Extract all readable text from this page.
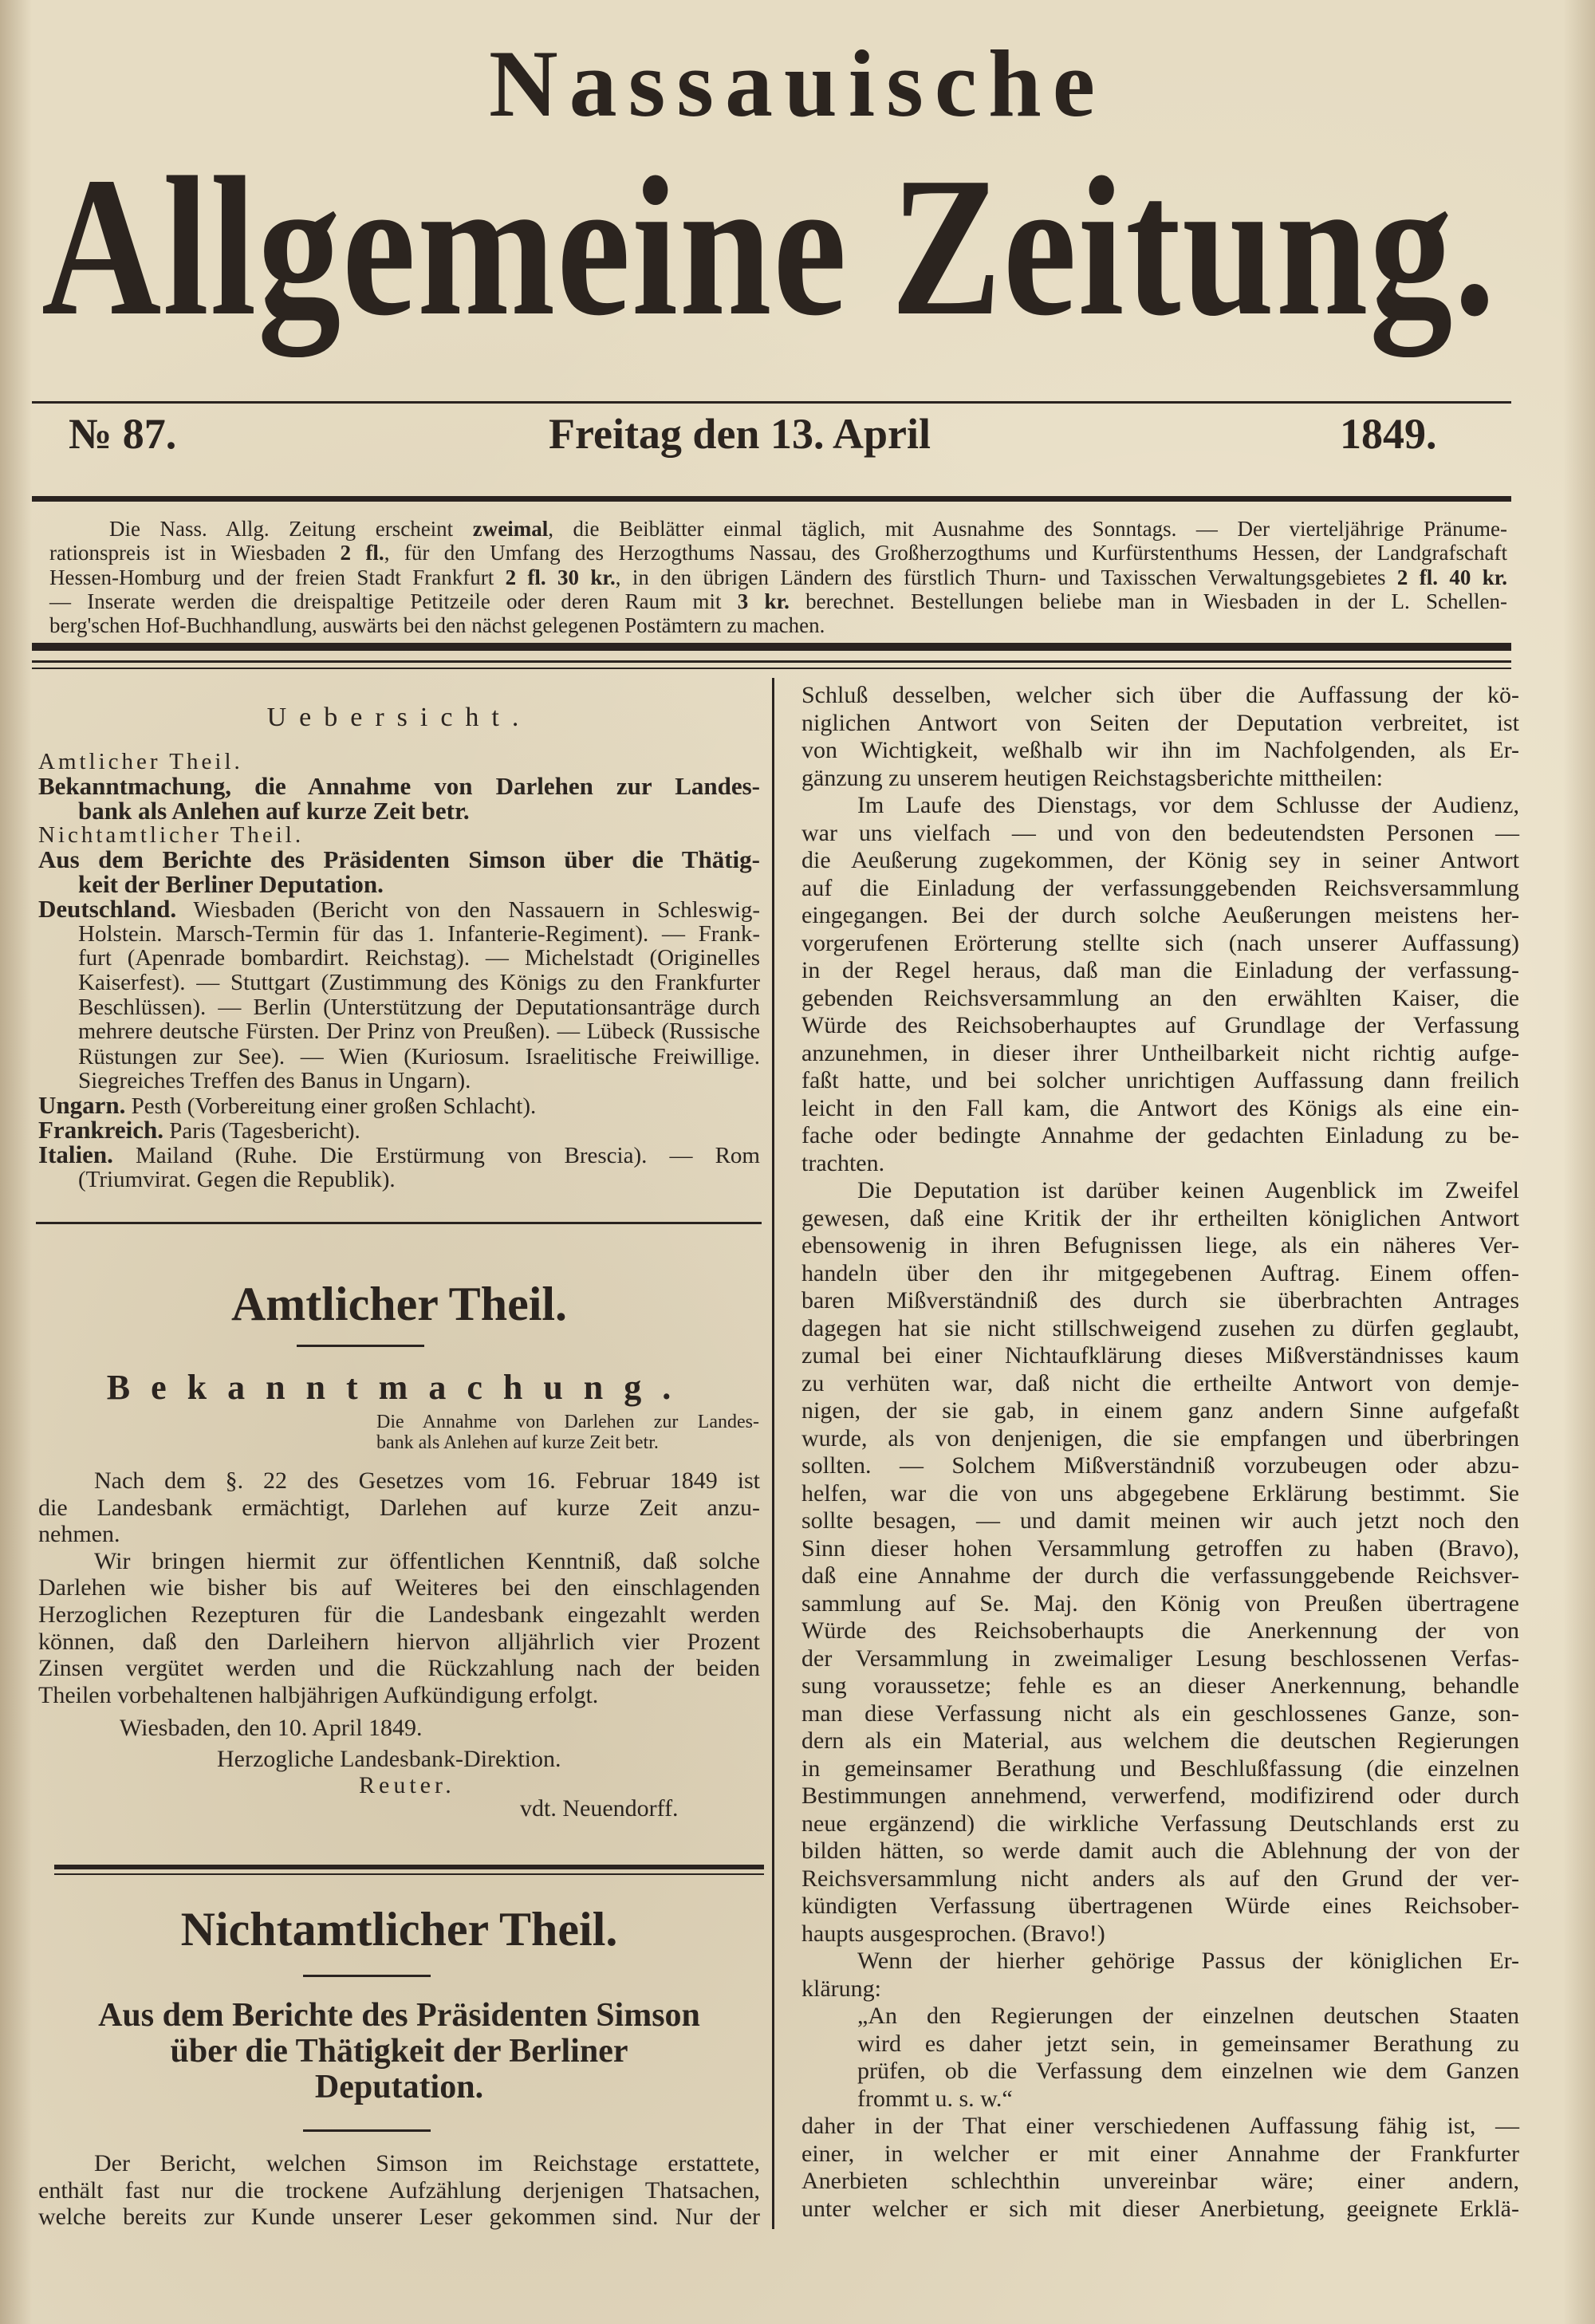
Nassauische
Allgemeine Zeitung.
№ 87.	Freitag den 13. April	1849.
Die Nass. Allg. Zeitung erscheint zweimal, die Beiblätter einmal täglich, mit Ausnahme des Sonntags. — Der vierteljährige Pränume-
rationspreis ist in Wiesbaden 2 fl., für den Umfang des Herzogthums Nassau, des Großherzogthums und Kurfürstenthums Hessen, der Landgrafschaft
Hessen-Homburg und der freien Stadt Frankfurt 2 fl. 30 kr., in den übrigen Ländern des fürstlich Thurn- und Taxisschen Verwaltungsgebietes 2 fl. 40 kr.
— Inserate werden die dreispaltige Petitzeile oder deren Raum mit 3 kr. berechnet. Bestellungen beliebe man in Wiesbaden in der L. Schellen-
berg'schen Hof-Buchhandlung, auswärts bei den nächst gelegenen Postämtern zu machen.
Uebersicht.
Amtlicher Theil.
Bekanntmachung, die Annahme von Darlehen zur Landes-
bank als Anlehen auf kurze Zeit betr.
Nichtamtlicher Theil.
Aus dem Berichte des Präsidenten Simson über die Thätig-
keit der Berliner Deputation.
Deutschland. Wiesbaden (Bericht von den Nassauern in Schleswig-
Holstein. Marsch-Termin für das 1. Infanterie-Regiment). — Frank-
furt (Apenrade bombardirt. Reichstag). — Michelstadt (Originelles
Kaiserfest). — Stuttgart (Zustimmung des Königs zu den Frankfurter
Beschlüssen). — Berlin (Unterstützung der Deputationsanträge durch
mehrere deutsche Fürsten. Der Prinz von Preußen). — Lübeck (Russische
Rüstungen zur See). — Wien (Kuriosum. Israelitische Freiwillige.
Siegreiches Treffen des Banus in Ungarn).
Ungarn. Pesth (Vorbereitung einer großen Schlacht).
Frankreich. Paris (Tagesbericht).
Italien. Mailand (Ruhe. Die Erstürmung von Brescia). — Rom
(Triumvirat. Gegen die Republik).
Amtlicher Theil.
Bekanntmachung.
Die Annahme von Darlehen zur Landes-
bank als Anlehen auf kurze Zeit betr.
Nach dem §. 22 des Gesetzes vom 16. Februar 1849 ist
die Landesbank ermächtigt, Darlehen auf kurze Zeit anzu-
nehmen.
Wir bringen hiermit zur öffentlichen Kenntniß, daß solche
Darlehen wie bisher bis auf Weiteres bei den einschlagenden
Herzoglichen Rezepturen für die Landesbank eingezahlt werden
können, daß den Darleihern hiervon alljährlich vier Prozent
Zinsen vergütet werden und die Rückzahlung nach der beiden
Theilen vorbehaltenen halbjährigen Aufkündigung erfolgt.
Wiesbaden, den 10. April 1849.
Herzogliche Landesbank-Direktion.
Reuter.
vdt. Neuendorff.
Nichtamtlicher Theil.
Aus dem Berichte des Präsidenten Simson
über die Thätigkeit der Berliner
Deputation.
Der Bericht, welchen Simson im Reichstage erstattete,
enthält fast nur die trockene Aufzählung derjenigen Thatsachen,
welche bereits zur Kunde unserer Leser gekommen sind. Nur der
Schluß desselben, welcher sich über die Auffassung der kö-
niglichen Antwort von Seiten der Deputation verbreitet, ist
von Wichtigkeit, weßhalb wir ihn im Nachfolgenden, als Er-
gänzung zu unserem heutigen Reichstagsberichte mittheilen:
Im Laufe des Dienstags, vor dem Schlusse der Audienz,
war uns vielfach — und von den bedeutendsten Personen —
die Aeußerung zugekommen, der König sey in seiner Antwort
auf die Einladung der verfassunggebenden Reichsversammlung
eingegangen. Bei der durch solche Aeußerungen meistens her-
vorgerufenen Erörterung stellte sich (nach unserer Auffassung)
in der Regel heraus, daß man die Einladung der verfassung-
gebenden Reichsversammlung an den erwählten Kaiser, die
Würde des Reichsoberhauptes auf Grundlage der Verfassung
anzunehmen, in dieser ihrer Untheilbarkeit nicht richtig aufge-
faßt hatte, und bei solcher unrichtigen Auffassung dann freilich
leicht in den Fall kam, die Antwort des Königs als eine ein-
fache oder bedingte Annahme der gedachten Einladung zu be-
trachten.
Die Deputation ist darüber keinen Augenblick im Zweifel
gewesen, daß eine Kritik der ihr ertheilten königlichen Antwort
ebensowenig in ihren Befugnissen liege, als ein näheres Ver-
handeln über den ihr mitgegebenen Auftrag. Einem offen-
baren Mißverständniß des durch sie überbrachten Antrages
dagegen hat sie nicht stillschweigend zusehen zu dürfen geglaubt,
zumal bei einer Nichtaufklärung dieses Mißverständnisses kaum
zu verhüten war, daß nicht die ertheilte Antwort von demje-
nigen, der sie gab, in einem ganz andern Sinne aufgefaßt
wurde, als von denjenigen, die sie empfangen und überbringen
sollten. — Solchem Mißverständniß vorzubeugen oder abzu-
helfen, war die von uns abgegebene Erklärung bestimmt. Sie
sollte besagen, — und damit meinen wir auch jetzt noch den
Sinn dieser hohen Versammlung getroffen zu haben (Bravo),
daß eine Annahme der durch die verfassunggebende Reichsver-
sammlung auf Se. Maj. den König von Preußen übertragene
Würde des Reichsoberhaupts die Anerkennung der von
der Versammlung in zweimaliger Lesung beschlossenen Verfas-
sung voraussetze; fehle es an dieser Anerkennung, behandle
man diese Verfassung nicht als ein geschlossenes Ganze, son-
dern als ein Material, aus welchem die deutschen Regierungen
in gemeinsamer Berathung und Beschlußfassung (die einzelnen
Bestimmungen annehmend, verwerfend, modifizirend oder durch
neue ergänzend) die wirkliche Verfassung Deutschlands erst zu
bilden hätten, so werde damit auch die Ablehnung der von der
Reichsversammlung nicht anders als auf den Grund der ver-
kündigten Verfassung übertragenen Würde eines Reichsober-
haupts ausgesprochen. (Bravo!)
Wenn der hierher gehörige Passus der königlichen Er-
klärung:
„An den Regierungen der einzelnen deutschen Staaten
wird es daher jetzt sein, in gemeinsamer Berathung zu
prüfen, ob die Verfassung dem einzelnen wie dem Ganzen
frommt u. s. w.“
daher in der That einer verschiedenen Auffassung fähig ist, —
einer, in welcher er mit einer Annahme der Frankfurter
Anerbieten schlechthin unvereinbar wäre; einer andern,
unter welcher er sich mit dieser Anerbietung, geeignete Erklä-
